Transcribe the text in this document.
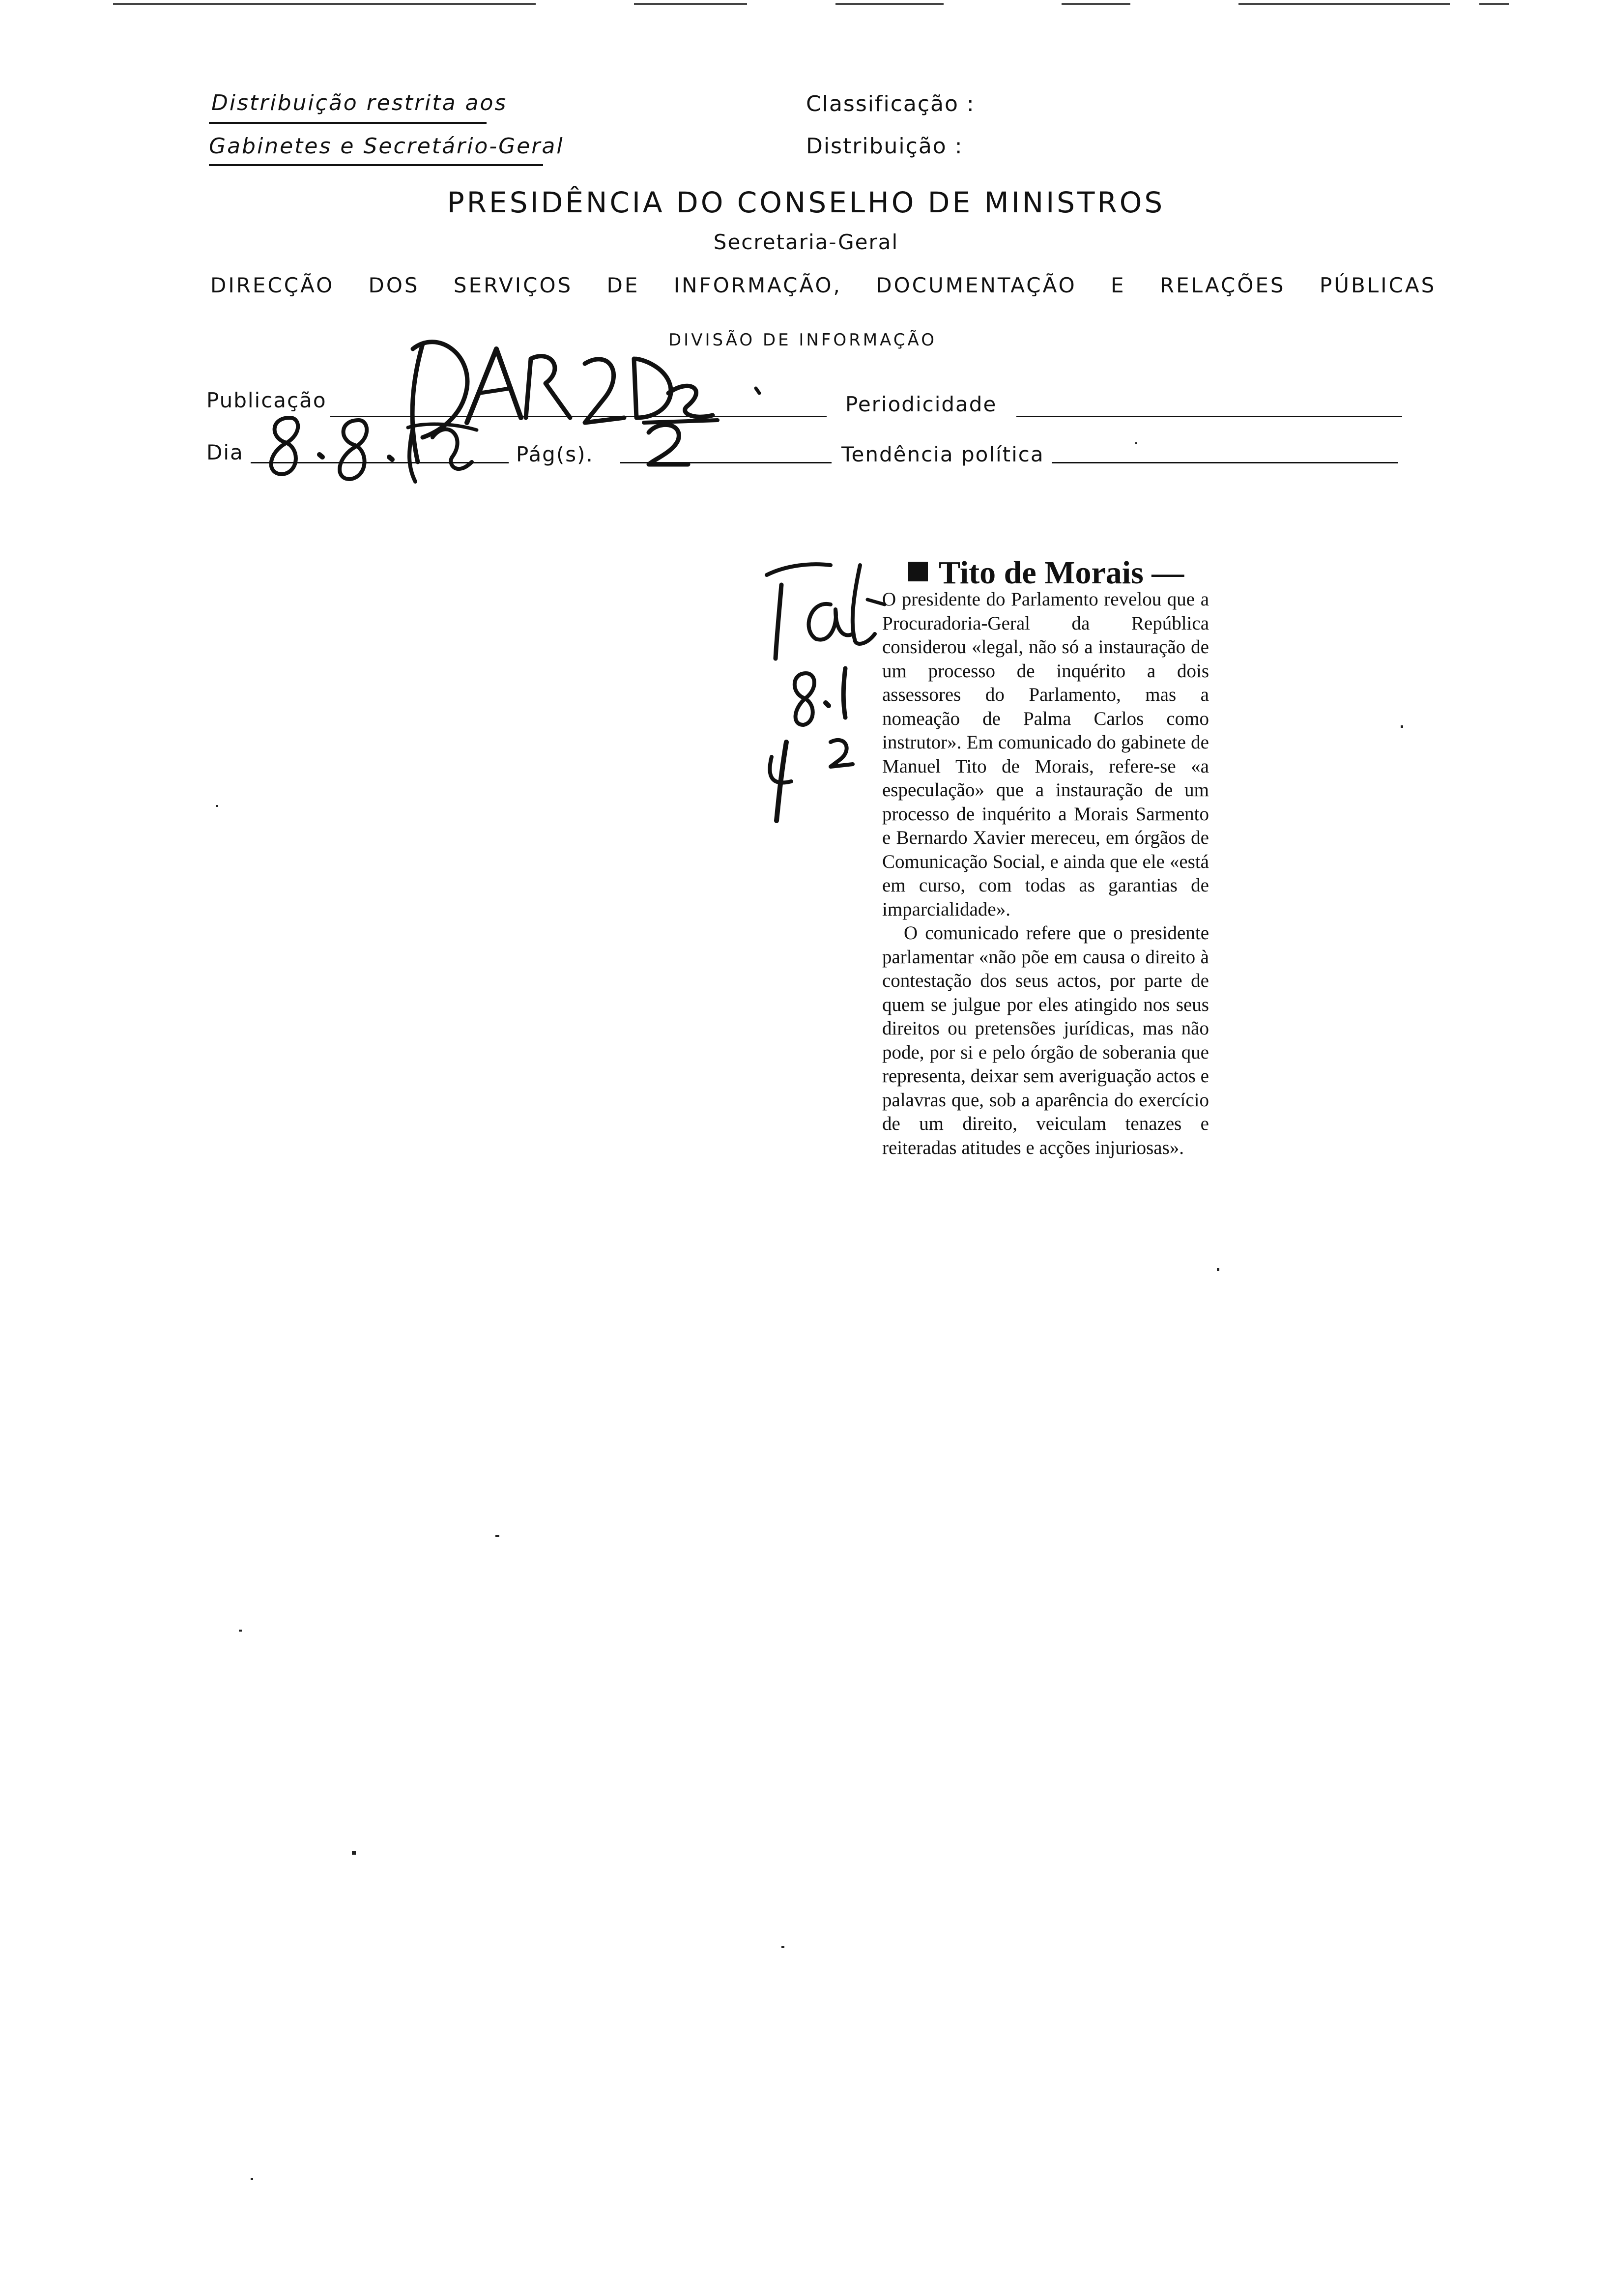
Distribuição restrita aos
Gabinetes e Secretário-Geral
Classificação :
Distribuição :
PRESIDÊNCIA DO CONSELHO DE MINISTROS
Secretaria-Geral
DIRECÇÃO DOS SERVIÇOS DE INFORMAÇÃO, DOCUMENTAÇÃO E RELAÇÕES PÚBLICAS
DIVISÃO DE INFORMAÇÃO
Publicação	Periodicidade
Dia	Pág(s).	Tendência política
Tito de Morais —

O presidente do Parlamento revelou que a Procuradoria-Geral da República considerou «legal, não só a instauração de um processo de inquérito a dois assessores do Parlamento, mas a nomeação de Palma Carlos como instrutor». Em comunicado do gabinete de Manuel Tito de Morais, refere-se «a especulação» que a instauração de um processo de inquérito a Morais Sarmento e Bernardo Xavier mereceu, em órgãos de Comunicação Social, e ainda que ele «está em curso, com todas as garantias de imparcialidade».

O comunicado refere que o presidente parlamentar «não põe em causa o direito à contestação dos seus actos, por parte de quem se julgue por eles atingido nos seus direitos ou pretensões jurídicas, mas não pode, por si e pelo órgão de soberania que representa, deixar sem averiguação actos e palavras que, sob a aparência do exercício de um direito, veiculam tenazes e reiteradas atitudes e acções injuriosas».
